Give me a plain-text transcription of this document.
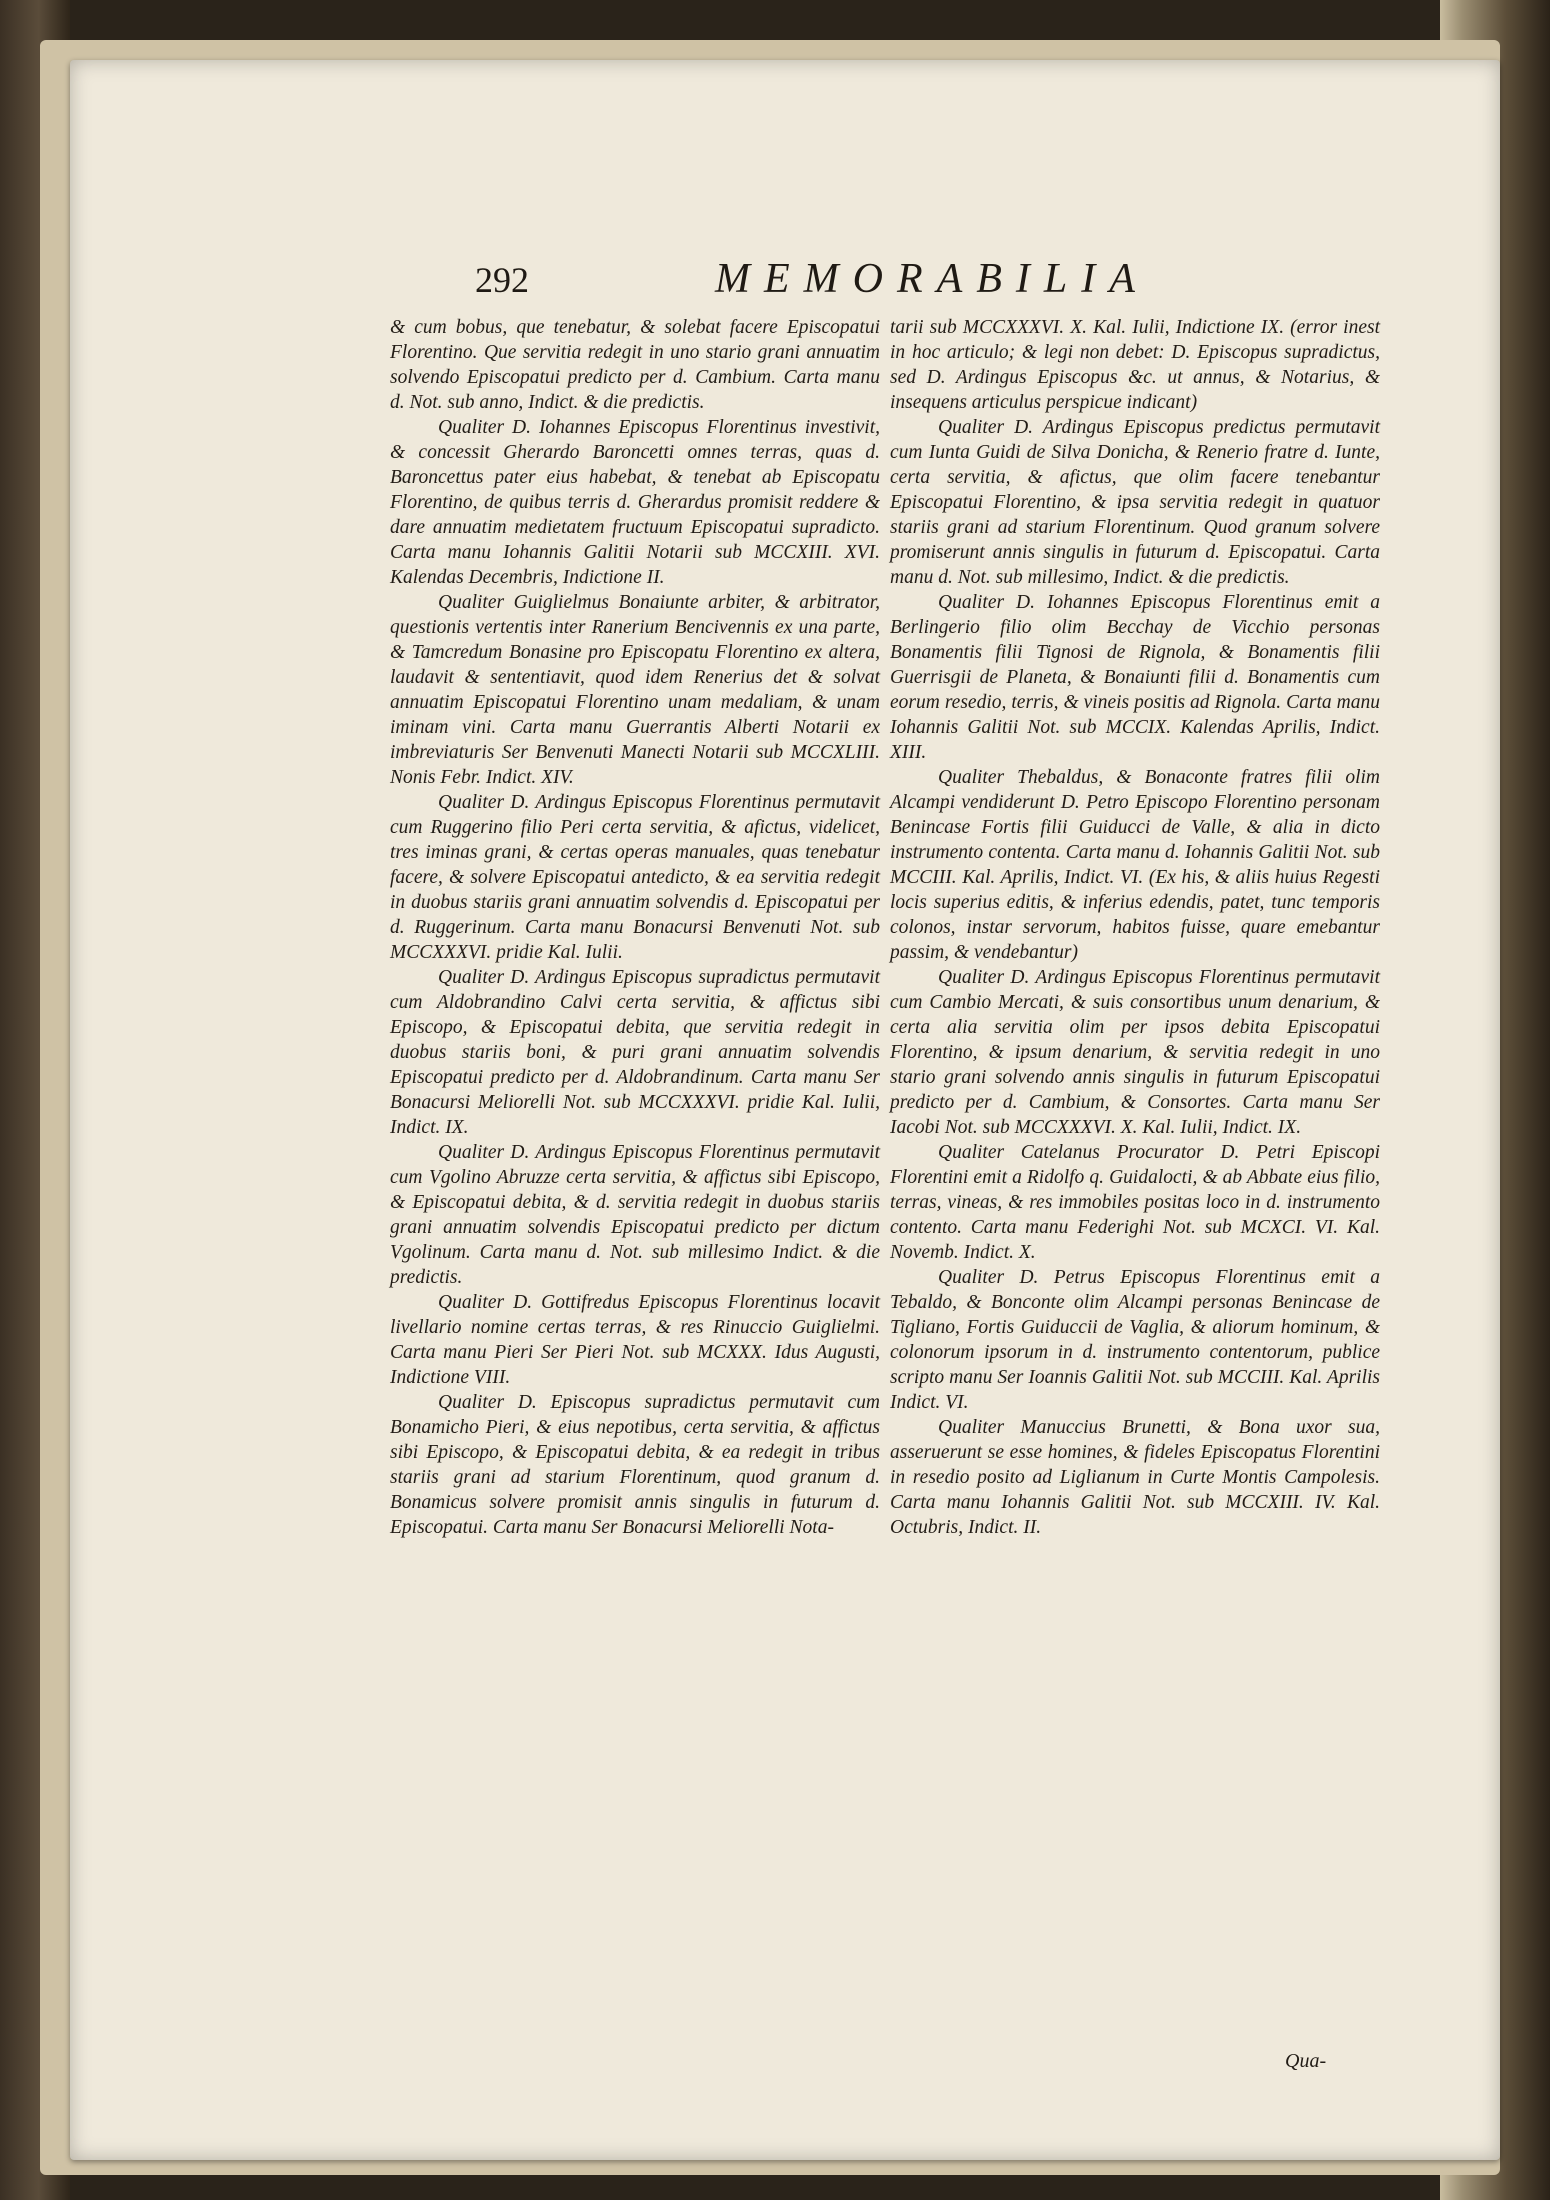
292	MEMORABILIA

& cum bobus, que tenebatur, & solebat facere Episcopatui Florentino. Que servitia redegit in uno stario grani annuatim solvendo Episcopatui predicto per d. Cambium. Carta manu d. Not. sub anno, Indict. & die predictis.

Qualiter D. Iohannes Episcopus Florentinus investivit, & concessit Gherardo Baroncetti omnes terras, quas d. Baroncettus pater eius habebat, & tenebat ab Episcopatu Florentino, de quibus terris d. Gherardus promisit reddere & dare annuatim medietatem fructuum Episcopatui supradicto. Carta manu Iohannis Galitii Notarii sub MCCXIII. XVI. Kalendas Decembris, Indictione II.

Qualiter Guiglielmus Bonaiunte arbiter, & arbitrator, questionis vertentis inter Ranerium Bencivennis ex una parte, & Tamcredum Bonasine pro Episcopatu Florentino ex altera, laudavit & sententiavit, quod idem Renerius det & solvat annuatim Episcopatui Florentino unam medaliam, & unam iminam vini. Carta manu Guerrantis Alberti Notarii ex imbreviaturis Ser Benvenuti Manecti Notarii sub MCCXLIII. Nonis Febr. Indict. XIV.

Qualiter D. Ardingus Episcopus Florentinus permutavit cum Ruggerino filio Peri certa servitia, & afictus, videlicet, tres iminas grani, & certas operas manuales, quas tenebatur facere, & solvere Episcopatui antedicto, & ea servitia redegit in duobus stariis grani annuatim solvendis d. Episcopatui per d. Ruggerinum. Carta manu Bonacursi Benvenuti Not. sub MCCXXXVI. pridie Kal. Iulii.

Qualiter D. Ardingus Episcopus supradictus permutavit cum Aldobrandino Calvi certa servitia, & affictus sibi Episcopo, & Episcopatui debita, que servitia redegit in duobus stariis boni, & puri grani annuatim solvendis Episcopatui predicto per d. Aldobrandinum. Carta manu Ser Bonacursi Meliorelli Not. sub MCCXXXVI. pridie Kal. Iulii, Indict. IX.

Qualiter D. Ardingus Episcopus Florentinus permutavit cum Vgolino Abruzze certa servitia, & affictus sibi Episcopo, & Episcopatui debita, & d. servitia redegit in duobus stariis grani annuatim solvendis Episcopatui predicto per dictum Vgolinum. Carta manu d. Not. sub millesimo Indict. & die predictis.

Qualiter D. Gottifredus Episcopus Florentinus locavit livellario nomine certas terras, & res Rinuccio Guiglielmi. Carta manu Pieri Ser Pieri Not. sub MCXXX. Idus Augusti, Indictione VIII.

Qualiter D. Episcopus supradictus permutavit cum Bonamicho Pieri, & eius nepotibus, certa servitia, & affictus sibi Episcopo, & Episcopatui debita, & ea redegit in tribus stariis grani ad starium Florentinum, quod granum d. Bonamicus solvere promisit annis singulis in futurum d. Episcopatui. Carta manu Ser Bonacursi Meliorelli Nota-

tarii sub MCCXXXVI. X. Kal. Iulii, Indictione IX. (error inest in hoc articulo; & legi non debet: D. Episcopus supradictus, sed D. Ardingus Episcopus &c. ut annus, & Notarius, & insequens articulus perspicue indicant)

Qualiter D. Ardingus Episcopus predictus permutavit cum Iunta Guidi de Silva Donicha, & Renerio fratre d. Iunte, certa servitia, & afictus, que olim facere tenebantur Episcopatui Florentino, & ipsa servitia redegit in quatuor stariis grani ad starium Florentinum. Quod granum solvere promiserunt annis singulis in futurum d. Episcopatui. Carta manu d. Not. sub millesimo, Indict. & die predictis.

Qualiter D. Iohannes Episcopus Florentinus emit a Berlingerio filio olim Becchay de Vicchio personas Bonamentis filii Tignosi de Rignola, & Bonamentis filii Guerrisgii de Planeta, & Bonaiunti filii d. Bonamentis cum eorum resedio, terris, & vineis positis ad Rignola. Carta manu Iohannis Galitii Not. sub MCCIX. Kalendas Aprilis, Indict. XIII.

Qualiter Thebaldus, & Bonaconte fratres filii olim Alcampi vendiderunt D. Petro Episcopo Florentino personam Benincase Fortis filii Guiducci de Valle, & alia in dicto instrumento contenta. Carta manu d. Iohannis Galitii Not. sub MCCIII. Kal. Aprilis, Indict. VI. (Ex his, & aliis huius Regesti locis superius editis, & inferius edendis, patet, tunc temporis colonos, instar servorum, habitos fuisse, quare emebantur passim, & vendebantur)

Qualiter D. Ardingus Episcopus Florentinus permutavit cum Cambio Mercati, & suis consortibus unum denarium, & certa alia servitia olim per ipsos debita Episcopatui Florentino, & ipsum denarium, & servitia redegit in uno stario grani solvendo annis singulis in futurum Episcopatui predicto per d. Cambium, & Consortes. Carta manu Ser Iacobi Not. sub MCCXXXVI. X. Kal. Iulii, Indict. IX.

Qualiter Catelanus Procurator D. Petri Episcopi Florentini emit a Ridolfo q. Guidalocti, & ab Abbate eius filio, terras, vineas, & res immobiles positas loco in d. instrumento contento. Carta manu Federighi Not. sub MCXCI. VI. Kal. Novemb. Indict. X.

Qualiter D. Petrus Episcopus Florentinus emit a Tebaldo, & Bonconte olim Alcampi personas Benincase de Tigliano, Fortis Guiduccii de Vaglia, & aliorum hominum, & colonorum ipsorum in d. instrumento contentorum, publice scripto manu Ser Ioannis Galitii Not. sub MCCIII. Kal. Aprilis Indict. VI.

Qualiter Manuccius Brunetti, & Bona uxor sua, asseruerunt se esse homines, & fideles Episcopatus Florentini in resedio posito ad Liglianum in Curte Montis Campolesis. Carta manu Iohannis Galitii Not. sub MCCXIII. IV. Kal. Octubris, Indict. II.

Qua-
